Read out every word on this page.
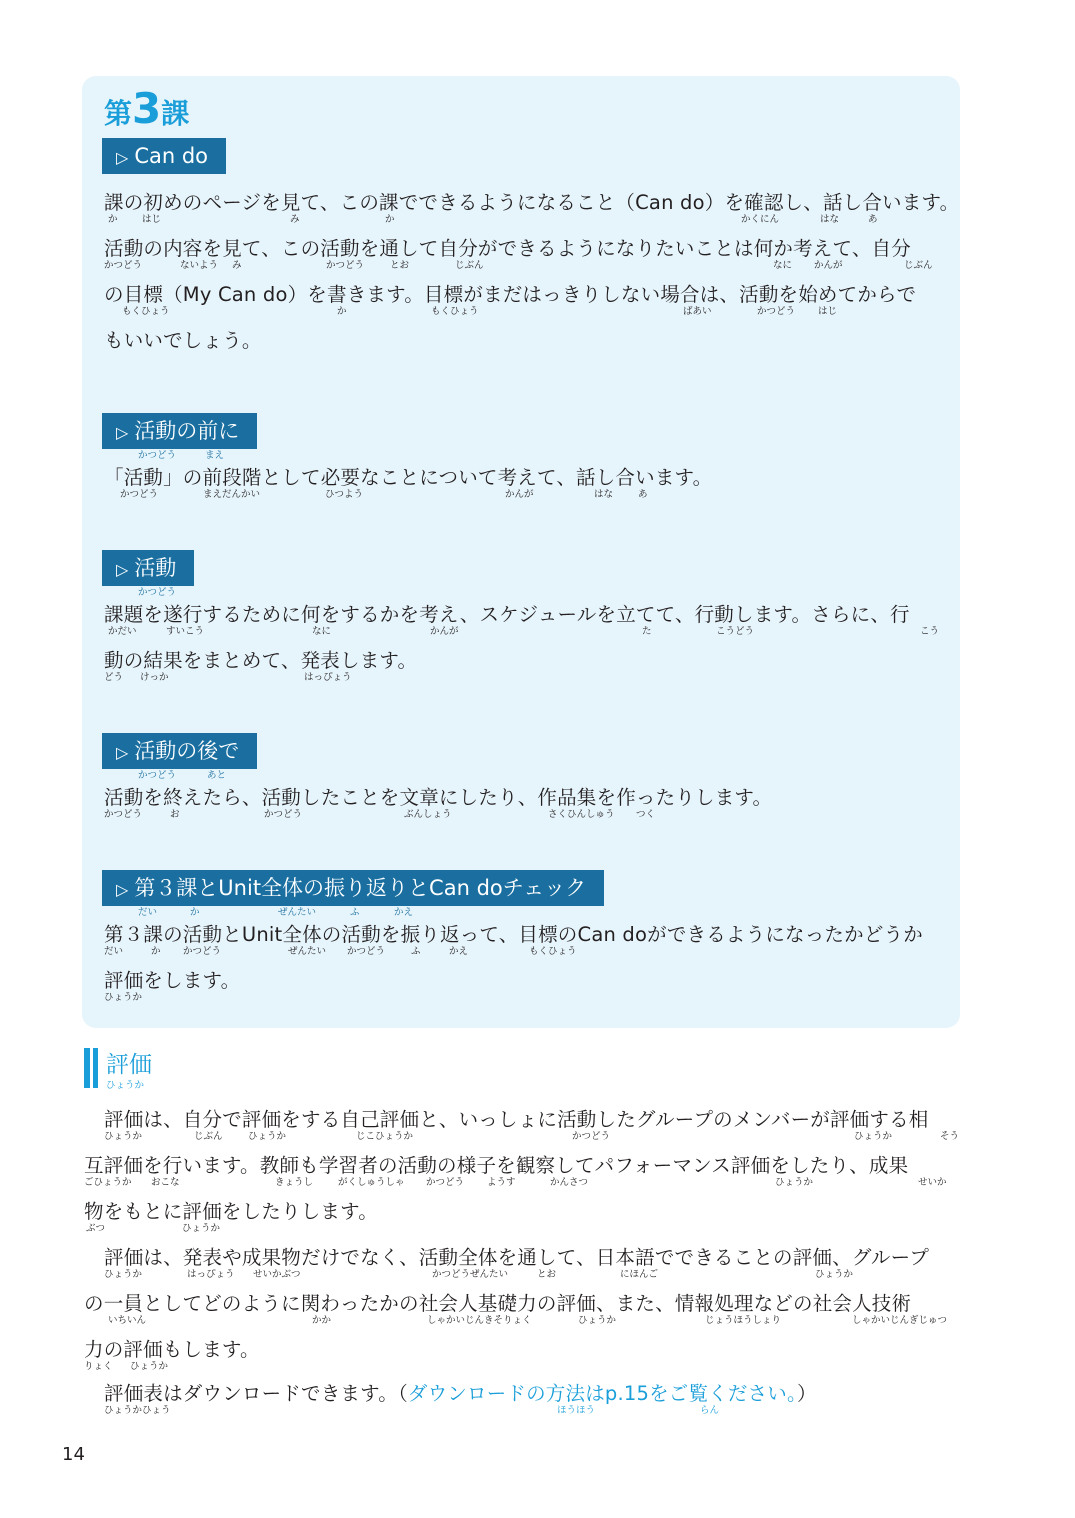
第3課
▷ Can do
課の初めのページを見て、この課でできるようになること（Can do）を確認し、話し合います。
か	はじ	み	か	かくにん	はな	あ
活動の内容を見て、この活動を通して自分ができるようになりたいことは何か考えて、自分
かつどう	ないよう み	かつどう	とお	じぶん	なに かんが	じぶん
の目標（My Can do）を書きます。目標がまだはっきりしない場合は、活動を始めてからで
もくひょう	か	もくひょう	ばあい	かつどう はじ
もいいでしょう。
▷ 活動の前に
かつどう	まえ
「活動」の前段階として必要なことについて考えて、話し合います。
かつどう	まえだんかい	ひつよう	かんが	はな	あ
▷ 活動
かつどう
課題を遂行するために何をするかを考え、スケジュールを立てて、行動します。さらに、行
かだい	すいこう	なに	かんが	た	こうどう	こう
動の結果をまとめて、発表します。
どう けっか	はっぴょう
▷ 活動の後で
かつどう	あと
活動を終えたら、活動したことを文章にしたり、作品集を作ったりします。
かつどう	お	かつどう	ぶんしょう	さくひんしゅう つく
▷ 第３課とUnit全体の振り返りとCan doチェック
だい	か	ぜんたい	ふ	かえ
第３課の活動とUnit全体の活動を振り返って、目標のCan doができるようになったかどうか
だい	か かつどう	ぜんたい かつどう	ふ	かえ	もくひょう
評価をします。
ひょうか
評価
ひょうか
評価は、自分で評価をする自己評価と、いっしょに活動したグループのメンバーが評価する相
ひょうか	じぶん	ひょうか	じこひょうか	かつどう	ひょうか	そう
互評価を行います。教師も学習者の活動の様子を観察してパフォーマンス評価をしたり、成果
ごひょうか おこな	きょうし	がくしゅうしゃ かつどう ようす	かんさつ	ひょうか	せいか
物をもとに評価をしたりします。
ぶつ	ひょうか
評価は、発表や成果物だけでなく、活動全体を通して、日本語でできることの評価、グループ
ひょうか	はっぴょう せいかぶつ	かつどうぜんたい	とお	にほんご	ひょうか
の一員としてどのように関わったかの社会人基礎力の評価、また、情報処理などの社会人技術
いちいん	かか	しゃかいじんきそりょく	ひょうか	じょうほうしょり	しゃかいじんぎじゅつ
力の評価もします。
りょく ひょうか
評価表はダウンロードできます。（ダウンロードの方法はp.15をご覧ください。）
ひょうかひょう	ほうほう	らん
14
